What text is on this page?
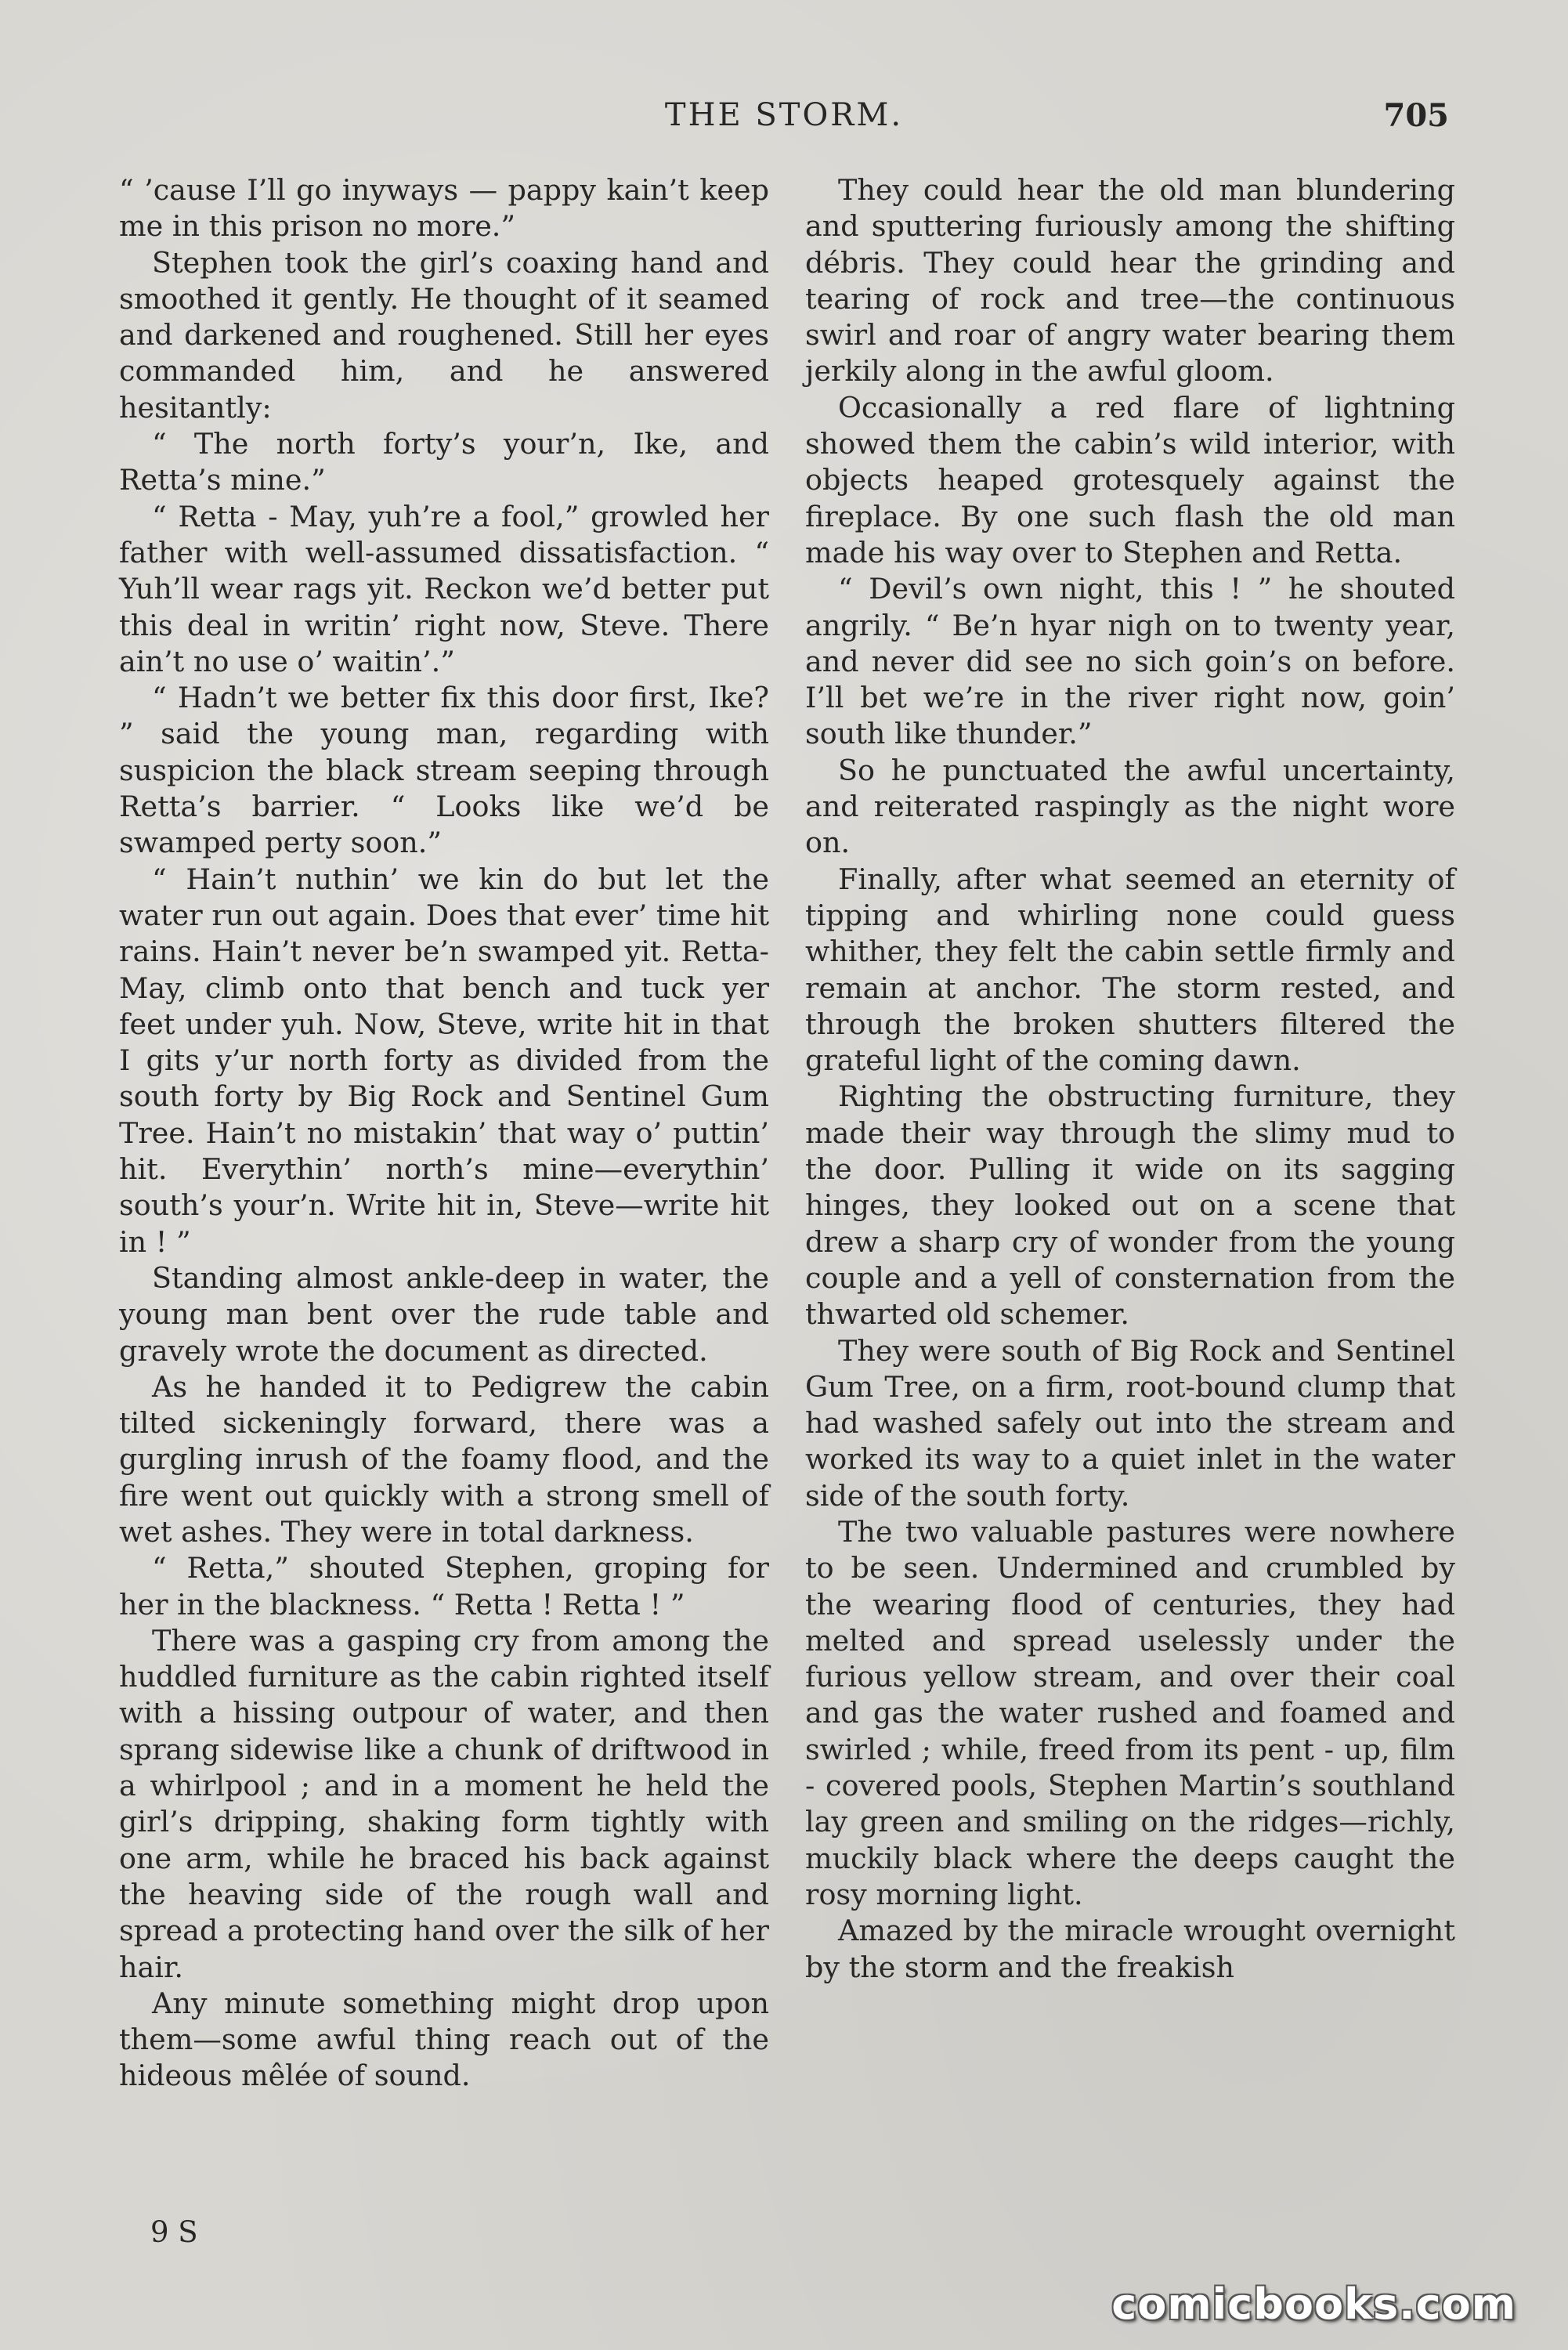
THE STORM.	705

“ ’cause I’ll go inyways — pappy kain’t keep me in this prison no more.”

Stephen took the girl’s coaxing hand and smoothed it gently. He thought of it seamed and darkened and roughened. Still her eyes commanded him, and he answered hesitantly:

“ The north forty’s your’n, Ike, and Retta’s mine.”

“ Retta - May, yuh’re a fool,” growled her father with well-assumed dissatisfaction. “ Yuh’ll wear rags yit. Reckon we’d better put this deal in writin’ right now, Steve. There ain’t no use o’ waitin’.”

“ Hadn’t we better fix this door first, Ike? ” said the young man, regarding with suspicion the black stream seeping through Retta’s barrier. “ Looks like we’d be swamped perty soon.”

“ Hain’t nuthin’ we kin do but let the water run out again. Does that ever’ time hit rains. Hain’t never be’n swamped yit. Retta-May, climb onto that bench and tuck yer feet under yuh. Now, Steve, write hit in that I gits y’ur north forty as divided from the south forty by Big Rock and Sentinel Gum Tree. Hain’t no mistakin’ that way o’ puttin’ hit. Everythin’ north’s mine—everythin’ south’s your’n. Write hit in, Steve—write hit in ! ”

Standing almost ankle-deep in water, the young man bent over the rude table and gravely wrote the document as directed.

As he handed it to Pedigrew the cabin tilted sickeningly forward, there was a gurgling inrush of the foamy flood, and the fire went out quickly with a strong smell of wet ashes. They were in total darkness.

“ Retta,” shouted Stephen, groping for her in the blackness. “ Retta ! Retta ! ”

There was a gasping cry from among the huddled furniture as the cabin righted itself with a hissing outpour of water, and then sprang sidewise like a chunk of driftwood in a whirlpool ; and in a moment he held the girl’s dripping, shaking form tightly with one arm, while he braced his back against the heaving side of the rough wall and spread a protecting hand over the silk of her hair.

Any minute something might drop upon them—some awful thing reach out of the hideous mêlée of sound.

They could hear the old man blundering and sputtering furiously among the shifting débris. They could hear the grinding and tearing of rock and tree—the continuous swirl and roar of angry water bearing them jerkily along in the awful gloom.

Occasionally a red flare of lightning showed them the cabin’s wild interior, with objects heaped grotesquely against the fireplace. By one such flash the old man made his way over to Stephen and Retta.

“ Devil’s own night, this ! ” he shouted angrily. “ Be’n hyar nigh on to twenty year, and never did see no sich goin’s on before. I’ll bet we’re in the river right now, goin’ south like thunder.”

So he punctuated the awful uncertainty, and reiterated raspingly as the night wore on.

Finally, after what seemed an eternity of tipping and whirling none could guess whither, they felt the cabin settle firmly and remain at anchor. The storm rested, and through the broken shutters filtered the grateful light of the coming dawn.

Righting the obstructing furniture, they made their way through the slimy mud to the door. Pulling it wide on its sagging hinges, they looked out on a scene that drew a sharp cry of wonder from the young couple and a yell of consternation from the thwarted old schemer.

They were south of Big Rock and Sentinel Gum Tree, on a firm, root-bound clump that had washed safely out into the stream and worked its way to a quiet inlet in the water side of the south forty.

The two valuable pastures were nowhere to be seen. Undermined and crumbled by the wearing flood of centuries, they had melted and spread uselessly under the furious yellow stream, and over their coal and gas the water rushed and foamed and swirled ; while, freed from its pent - up, film - covered pools, Stephen Martin’s southland lay green and smiling on the ridges—richly, muckily black where the deeps caught the rosy morning light.

Amazed by the miracle wrought overnight by the storm and the freakish

9 S
comicbooks.com
